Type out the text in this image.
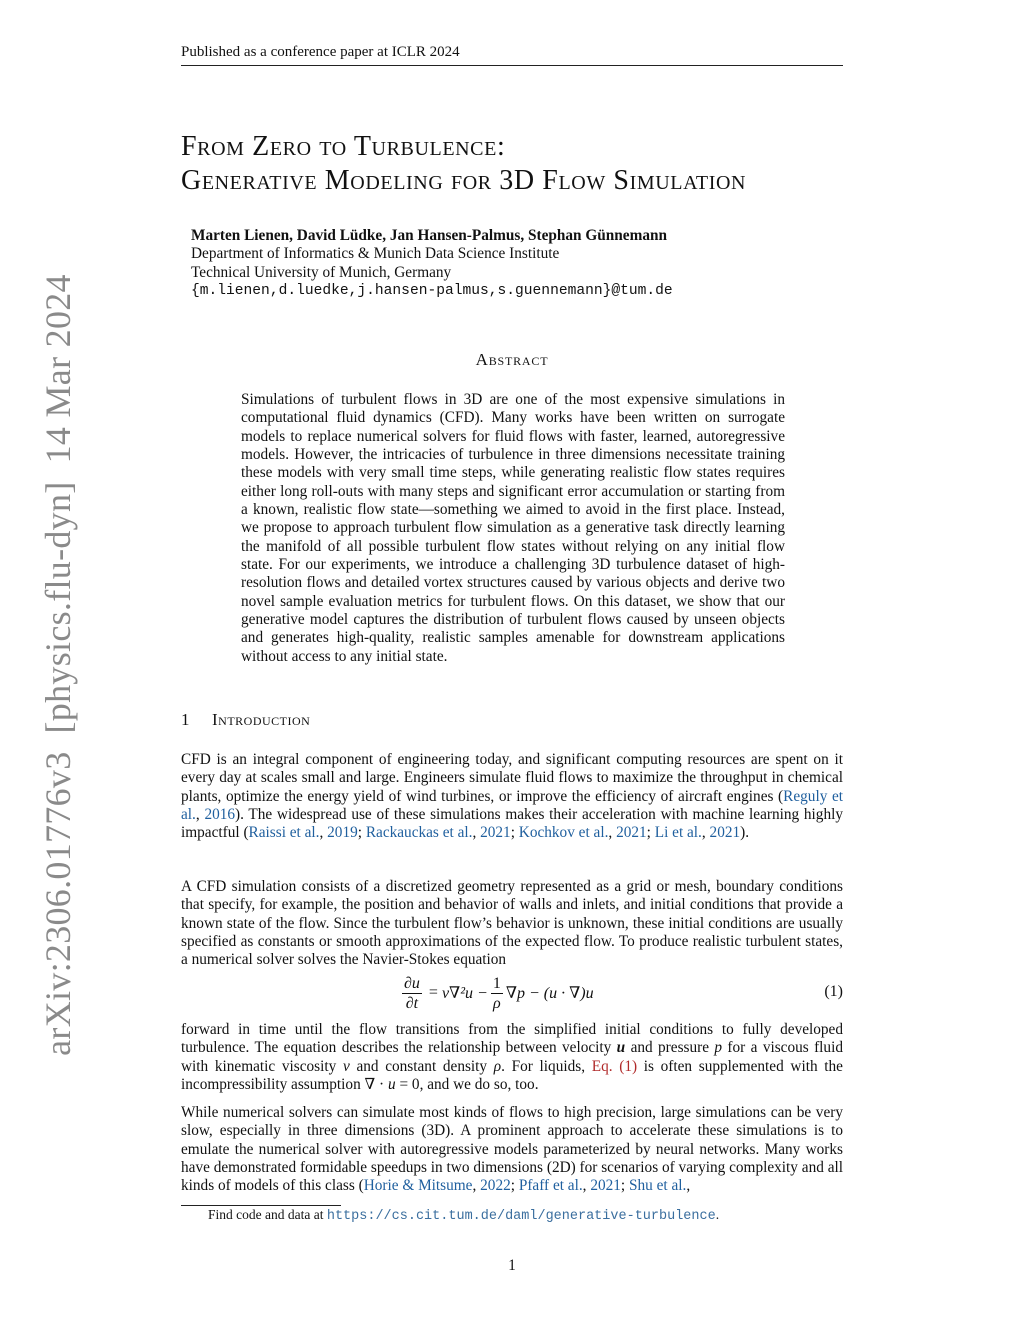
arXiv:2306.01776v3[physics.flu-dyn]14 Mar 2024
Published as a conference paper at ICLR 2024
From Zero to Turbulence:
Generative Modeling for 3D Flow Simulation
Marten Lienen, David Lüdke, Jan Hansen-Palmus, Stephan Günnemann
Department of Informatics & Munich Data Science Institute
Technical University of Munich, Germany
{m.lienen,d.luedke,j.hansen-palmus,s.guennemann}@tum.de
Abstract
Simulations of turbulent flows in 3D are one of the most expensive simulations in computational fluid dynamics (CFD). Many works have been written on surrogate models to replace numerical solvers for fluid flows with faster, learned, autoregressive models. However, the intricacies of turbulence in three dimensions necessitate training these models with very small time steps, while generating realistic flow states requires either long roll-outs with many steps and significant error accumulation or starting from a known, realistic flow state—something we aimed to avoid in the first place. Instead, we propose to approach turbulent flow simulation as a generative task directly learning the manifold of all possible turbulent flow states without relying on any initial flow state. For our experiments, we introduce a challenging 3D turbulence dataset of high-resolution flows and detailed vortex structures caused by various objects and derive two novel sample evaluation metrics for turbulent flows. On this dataset, we show that our generative model captures the distribution of turbulent flows caused by unseen objects and generates high-quality, realistic samples amenable for downstream applications without access to any initial state.
1 Introduction
CFD is an integral component of engineering today, and significant computing resources are spent on it every day at scales small and large. Engineers simulate fluid flows to maximize the throughput in chemical plants, optimize the energy yield of wind turbines, or improve the efficiency of aircraft engines (Reguly et al., 2016). The widespread use of these simulations makes their acceleration with machine learning highly impactful (Raissi et al., 2019; Rackauckas et al., 2021; Kochkov et al., 2021; Li et al., 2021).
A CFD simulation consists of a discretized geometry represented as a grid or mesh, boundary conditions that specify, for example, the position and behavior of walls and inlets, and initial conditions that provide a known state of the flow. Since the turbulent flow’s behavior is unknown, these initial conditions are usually specified as constants or smooth approximations of the expected flow. To produce realistic turbulent states, a numerical solver solves the Navier-Stokes equation
$\frac{\partial u}{\partial t} = \nu\nabla^2u - \frac{1}{\rho} \nabla p - (u \cdot \nabla)u$	(1)
forward in time until the flow transitions from the simplified initial conditions to fully developed turbulence. The equation describes the relationship between velocity u and pressure p for a viscous fluid with kinematic viscosity ν and constant density ρ. For liquids, Eq. (1) is often supplemented with the incompressibility assumption ∇ · u = 0, and we do so, too.
While numerical solvers can simulate most kinds of flows to high precision, large simulations can be very slow, especially in three dimensions (3D). A prominent approach to accelerate these simulations is to emulate the numerical solver with autoregressive models parameterized by neural networks. Many works have demonstrated formidable speedups in two dimensions (2D) for scenarios of varying complexity and all kinds of models of this class (Horie & Mitsume, 2022; Pfaff et al., 2021; Shu et al.,
Find code and data at https://cs.cit.tum.de/daml/generative-turbulence.
1
